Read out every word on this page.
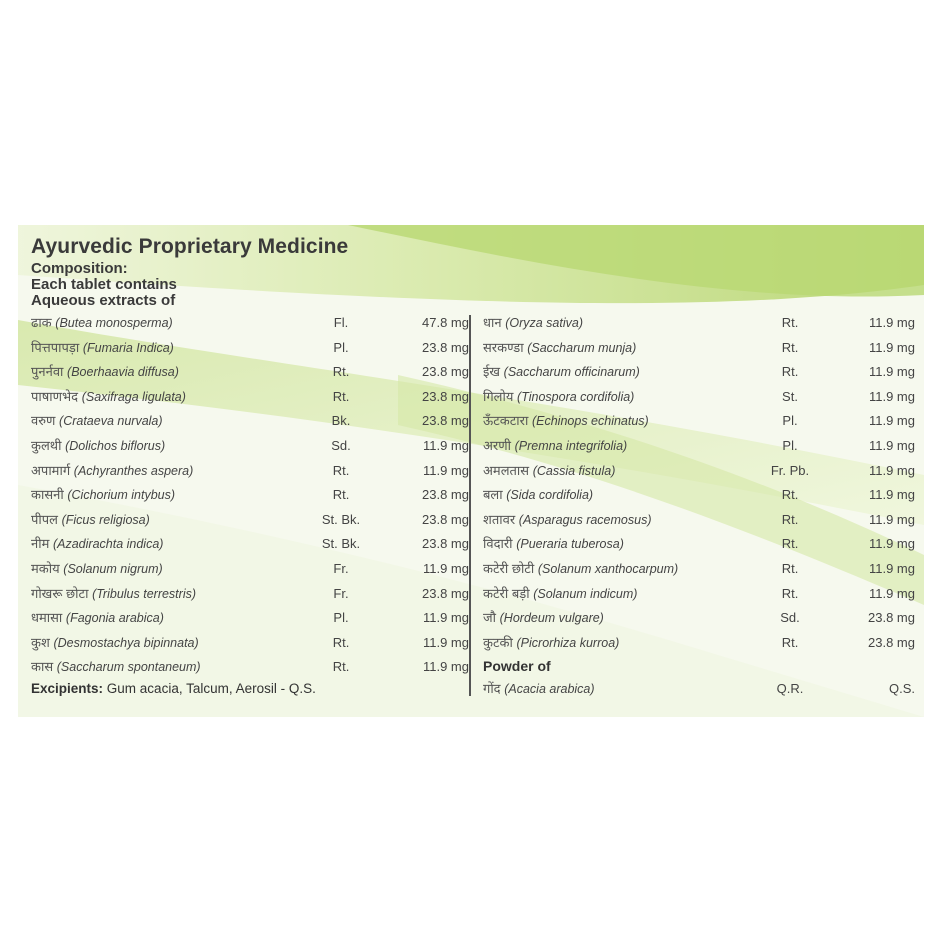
Ayurvedic Proprietary Medicine
Composition:
Each tablet contains
Aqueous extracts of
ढाक (Butea monosperma)	Fl.	47.8 mg
पित्तपापड़ा (Fumaria Indica)	Pl.	23.8 mg
पुनर्नवा (Boerhaavia diffusa)	Rt.	23.8 mg
पाषाणभेद (Saxifraga ligulata)	Rt.	23.8 mg
वरुण (Crataeva nurvala)	Bk.	23.8 mg
कुलथी (Dolichos biflorus)	Sd.	11.9 mg
अपामार्ग (Achyranthes aspera)	Rt.	11.9 mg
कासनी (Cichorium intybus)	Rt.	23.8 mg
पीपल (Ficus religiosa)	St. Bk.	23.8 mg
नीम (Azadirachta indica)	St. Bk.	23.8 mg
मकोय (Solanum nigrum)	Fr.	11.9 mg
गोखरू छोटा (Tribulus terrestris)	Fr.	23.8 mg
धमासा (Fagonia arabica)	Pl.	11.9 mg
कुश (Desmostachya bipinnata)	Rt.	11.9 mg
कास (Saccharum spontaneum)	Rt.	11.9 mg
धान (Oryza sativa)	Rt.	11.9 mg
सरकण्डा (Saccharum munja)	Rt.	11.9 mg
ईख (Saccharum officinarum)	Rt.	11.9 mg
गिलोय (Tinospora cordifolia)	St.	11.9 mg
ऊँटकटारा (Echinops echinatus)	Pl.	11.9 mg
अरणी (Premna integrifolia)	Pl.	11.9 mg
अमलतास (Cassia fistula)	Fr. Pb.	11.9 mg
बला (Sida cordifolia)	Rt.	11.9 mg
शतावर (Asparagus racemosus)	Rt.	11.9 mg
विदारी (Pueraria tuberosa)	Rt.	11.9 mg
कटेरी छोटी (Solanum xanthocarpum)	Rt.	11.9 mg
कटेरी बड़ी (Solanum indicum)	Rt.	11.9 mg
जौ (Hordeum vulgare)	Sd.	23.8 mg
कुटकी (Picrorhiza kurroa)	Rt.	23.8 mg
Powder of
गोंद (Acacia arabica)	Q.R.	Q.S.
Excipients: Gum acacia, Talcum, Aerosil - Q.S.
